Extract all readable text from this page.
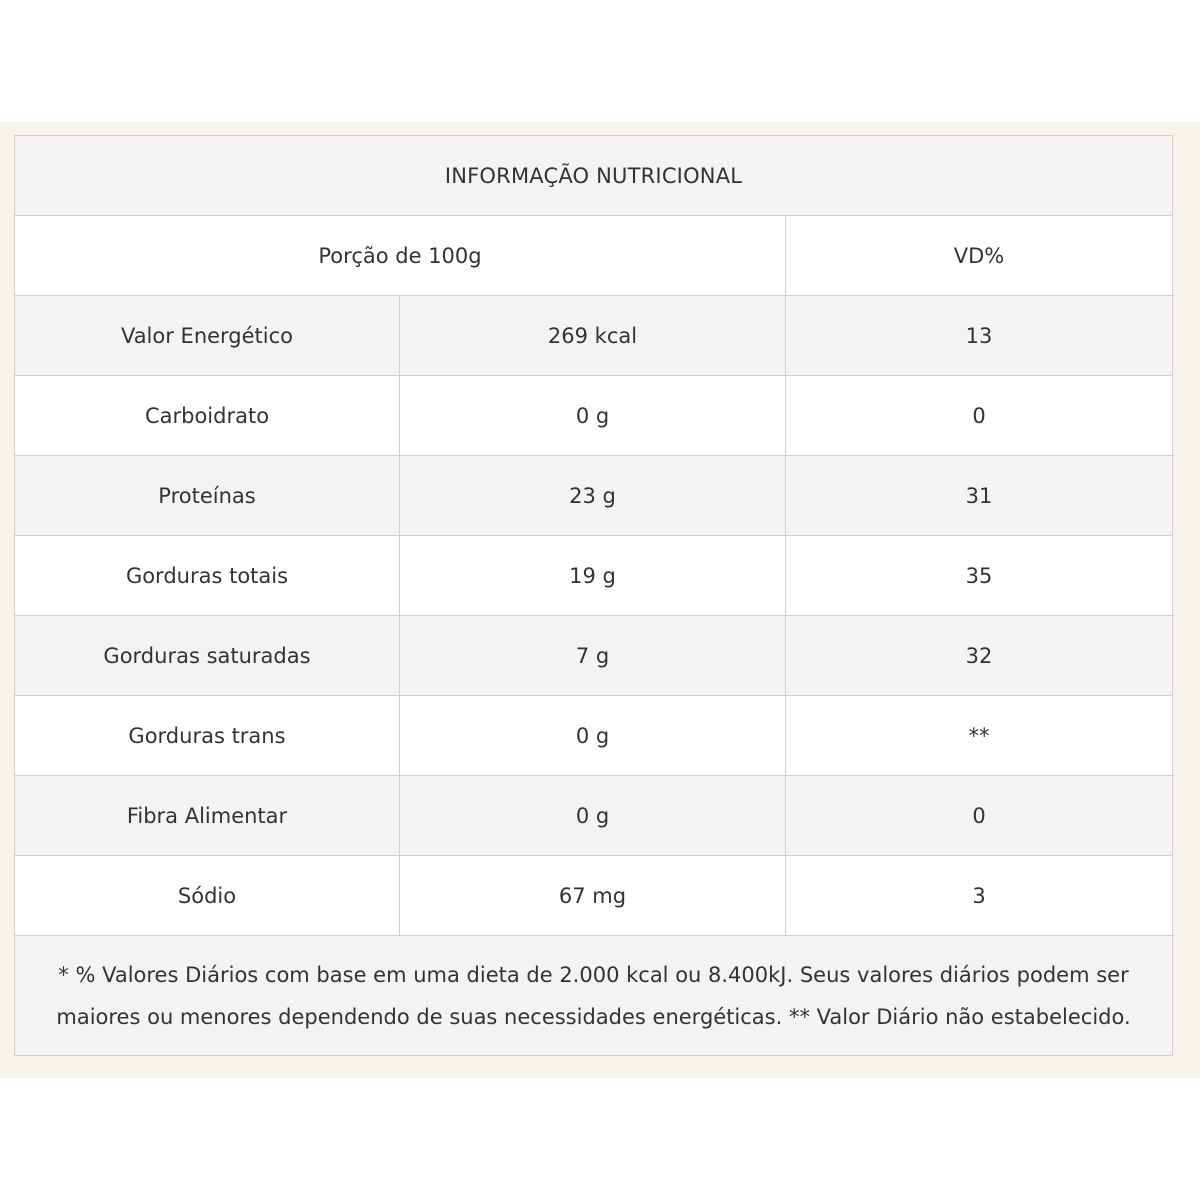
INFORMAÇÃO NUTRICIONAL		
Porção de 100g		VD%
Valor Energético	269 kcal	13
Carboidrato	0 g	0
Proteínas	23 g	31
Gorduras totais	19 g	35
Gorduras saturadas	7 g	32
Gorduras trans	0 g	**
Fibra Alimentar	0 g	0
Sódio	67 mg	3
* % Valores Diários com base em uma dieta de 2.000 kcal ou 8.400kJ. Seus valores diários podem ser maiores ou menores dependendo de suas necessidades energéticas. ** Valor Diário não estabelecido.		
